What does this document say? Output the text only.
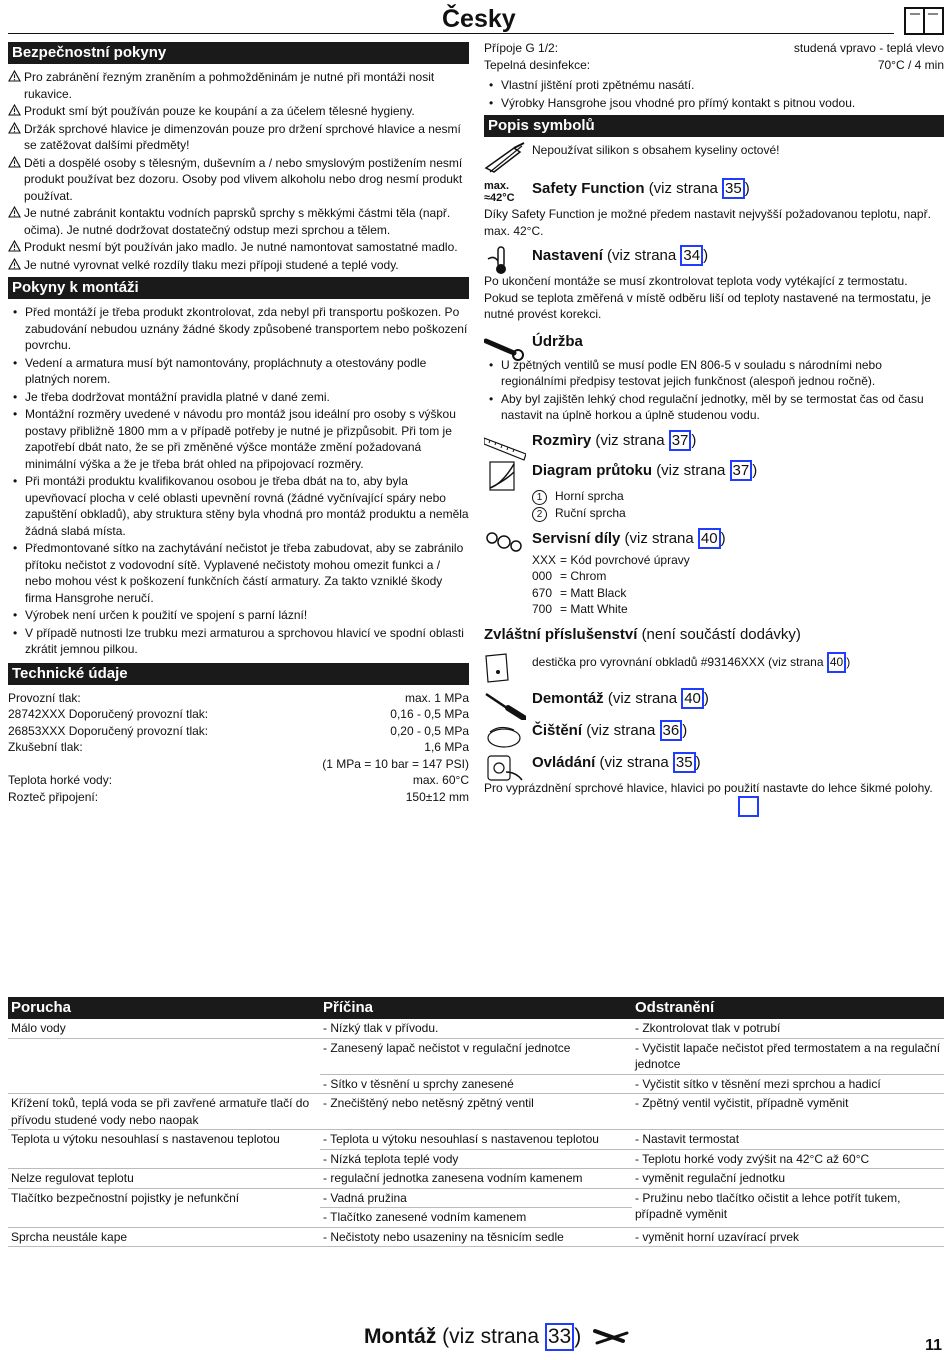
Česky
Bezpečnostní pokyny
Pro zabránění řezným zraněním a pohmožděninám je nutné při montáži nosit rukavice.
Produkt smí být používán pouze ke koupání a za účelem tělesné hygieny.
Držák sprchové hlavice je dimenzován pouze pro držení sprchové hlavice a nesmí se zatěžovat dalšími předměty!
Děti a dospělé osoby s tělesným, duševním a / nebo smyslovým postižením nesmí produkt používat bez dozoru. Osoby pod vlivem alkoholu nebo drog nesmí produkt používat.
Je nutné zabránit kontaktu vodních paprsků sprchy s měkkými částmi těla (např. očima). Je nutné dodržovat dostatečný odstup mezi sprchou a tělem.
Produkt nesmí být používán jako madlo. Je nutné namontovat samostatné madlo.
Je nutné vyrovnat velké rozdíly tlaku mezi přípoji studené a teplé vody.
Pokyny k montáži
• Před montáží je třeba produkt zkontrolovat, zda nebyl při transportu poškozen. Po zabudování nebudou uznány žádné škody způsobené transportem nebo poškození povrchu.
• Vedení a armatura musí být namontovány, propláchnuty a otestovány podle platných norem.
• Je třeba dodržovat montážní pravidla platné v dané zemi.
• Montážní rozměry uvedené v návodu pro montáž jsou ideální pro osoby s výškou postavy přibližně 1800 mm a v případě potřeby je nutné je přizpůsobit. Při tom je zapotřebí dbát nato, že se při změněné výšce montáže změní požadovaná minimální výška a že je třeba brát ohled na připojovací rozměry.
• Při montáži produktu kvalifikovanou osobou je třeba dbát na to, aby byla upevňovací plocha v celé oblasti upevnění rovná (žádné vyčnívající spáry nebo zapuštění obkladů), aby struktura stěny byla vhodná pro montáž produktu a neměla žádná slabá místa.
• Předmontované sítko na zachytávání nečistot je třeba zabudovat, aby se zabránilo přítoku nečistot z vodovodní sítě. Vyplavené nečistoty mohou omezit funkci a / nebo mohou vést k poškození funkčních částí armatury. Za takto vzniklé škody firma Hansgrohe neručí.
• Výrobek není určen k použití ve spojení s parní lázní!
• V případě nutnosti lze trubku mezi armaturou a sprchovou hlavicí ve spodní oblasti zkrátit jemnou pilkou.
Technické údaje
Provozní tlak:	max. 1 MPa
28742XXX Doporučený provozní tlak:	0,16 - 0,5 MPa
26853XXX Doporučený provozní tlak:	0,20 - 0,5 MPa
Zkušební tlak:	1,6 MPa
(1 MPa = 10 bar = 147 PSI)
Teplota horké vody:	max. 60°C
Rozteč připojení:	150±12 mm
Přípoje G 1/2:	studená vpravo - teplá vlevo
Tepelná desinfekce:	70°C / 4 min
• Vlastní jištění proti zpětnému nasátí.
• Výrobky Hansgrohe jsou vhodné pro přímý kontakt s pitnou vodou.
Popis symbolů
Nepoužívat silikon s obsahem kyseliny octové!
max.
≈42°C
Safety Function (viz strana 35 )
Díky Safety Function je možné předem nastavit nejvyšší požadovanou teplotu, např. max. 42°C.
Nastavení (viz strana 34 )
Po ukončení montáže se musí zkontrolovat teplota vody vytékající z termostatu. Pokud se teplota změřená v místě odběru liší od teploty nastavené na termostatu, je nutné provést korekci.
Údržba
• U zpětných ventilů se musí podle EN 806-5 v souladu s národními nebo regionálními předpisy testovat jejich funkčnost (alespoň jednou ročně).
• Aby byl zajištěn lehký chod regulační jednotky, měl by se termostat čas od času nastavit na úplně horkou a úplně studenou vodu.
Rozmìry (viz strana 37 )
Diagram průtoku (viz strana 37 )
1 Horní sprcha
2 Ruční sprcha
Servisní díly (viz strana 40 )
XXX = Kód povrchové úpravy
000 = Chrom
670 = Matt Black
700 = Matt White
Zvláštní příslušenství (není součástí dodávky)
destička pro vyrovnání obkladů #93146XXX (viz strana 40 )
Demontáž (viz strana 40 )
Čištění (viz strana 36 )
Ovládání (viz strana 35 )
Pro vyprázdnění sprchové hlavice, hlavici po použití nastavte do lehce šikmé polohy.
Porucha	Příčina	Odstranění
Málo vody	- Nízký tlak v přívodu.	- Zkontrolovat tlak v potrubí
	- Zanesený lapač nečistot v regulační jednotce	- Vyčistit lapače nečistot před termostatem a na regulační jednotce
	- Sítko v těsnění u sprchy zanesené	- Vyčistit sítko v těsnění mezi sprchou a hadicí
Křížení toků, teplá voda se při zavřené armatuře tlačí do přívodu studené vody nebo naopak	- Znečištěný nebo netěsný zpětný ventil	- Zpětný ventil vyčistit, případně vyměnit
Teplota u výtoku nesouhlasí s nastavenou teplotou	- Teplota u výtoku nesouhlasí s nastavenou teplotou	- Nastavit termostat
	- Nízká teplota teplé vody	- Teplotu horké vody zvýšit na 42°C až 60°C
Nelze regulovat teplotu	- regulační jednotka zanesena vodním kamenem	- vyměnit regulační jednotku
Tlačítko bezpečnostní pojistky je nefunkční	- Vadná pružina	- Pružinu nebo tlačítko očistit a lehce potřít tukem, případně vyměnit
	- Tlačítko zanesené vodním kamenem	
Sprcha neustále kape	- Nečistoty nebo usazeniny na těsnicím sedle	- vyměnit horní uzavírací prvek
Montáž (viz strana 33 )	11
